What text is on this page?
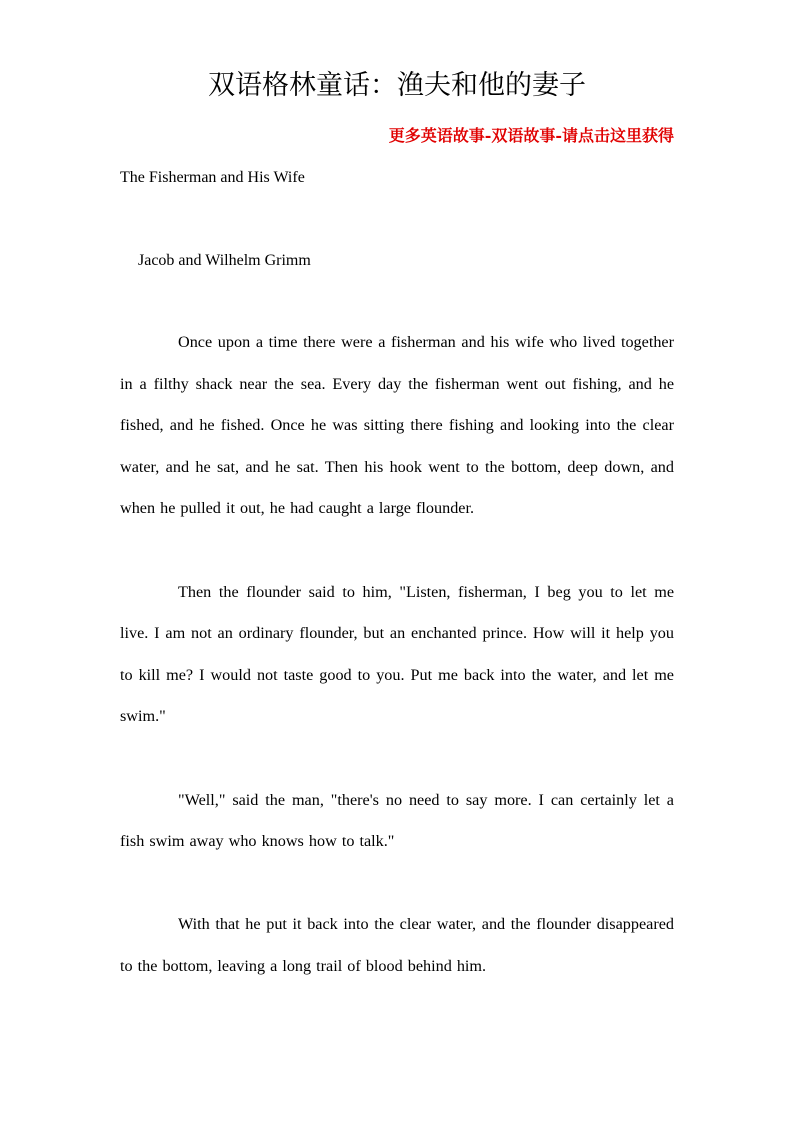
双语格林童话：渔夫和他的妻子
更多英语故事-双语故事-请点击这里获得
The Fisherman and His Wife

Jacob and Wilhelm Grimm

Once upon a time there were a fisherman and his wife who lived together in a filthy shack near the sea. Every day the fisherman went out fishing, and he fished, and he fished. Once he was sitting there fishing and looking into the clear water, and he sat, and he sat. Then his hook went to the bottom, deep down, and when he pulled it out, he had caught a large flounder.

Then the flounder said to him, "Listen, fisherman, I beg you to let me live. I am not an ordinary flounder, but an enchanted prince. How will it help you to kill me? I would not taste good to you. Put me back into the water, and let me swim."

"Well," said the man, "there's no need to say more. I can certainly let a fish swim away who knows how to talk."

With that he put it back into the clear water, and the flounder disappeared to the bottom, leaving a long trail of blood behind him.
